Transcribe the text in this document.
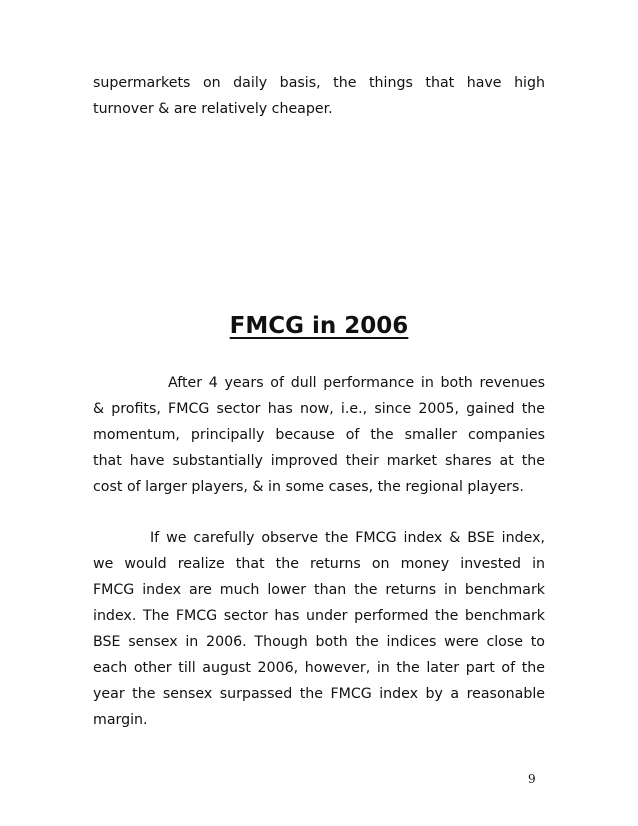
supermarkets on daily basis, the things that have high
turnover & are relatively cheaper.

FMCG in 2006

After 4 years of dull performance in both revenues
& profits, FMCG sector has now, i.e., since 2005, gained the
momentum, principally because of the smaller companies
that have substantially improved their market shares at the
cost of larger players, & in some cases, the regional players.

If we carefully observe the FMCG index & BSE index,
we would realize that the returns on money invested in
FMCG index are much lower than the returns in benchmark
index. The FMCG sector has under performed the benchmark
BSE sensex in 2006. Though both the indices were close to
each other till august 2006, however, in the later part of the
year the sensex surpassed the FMCG index by a reasonable
margin.

9
